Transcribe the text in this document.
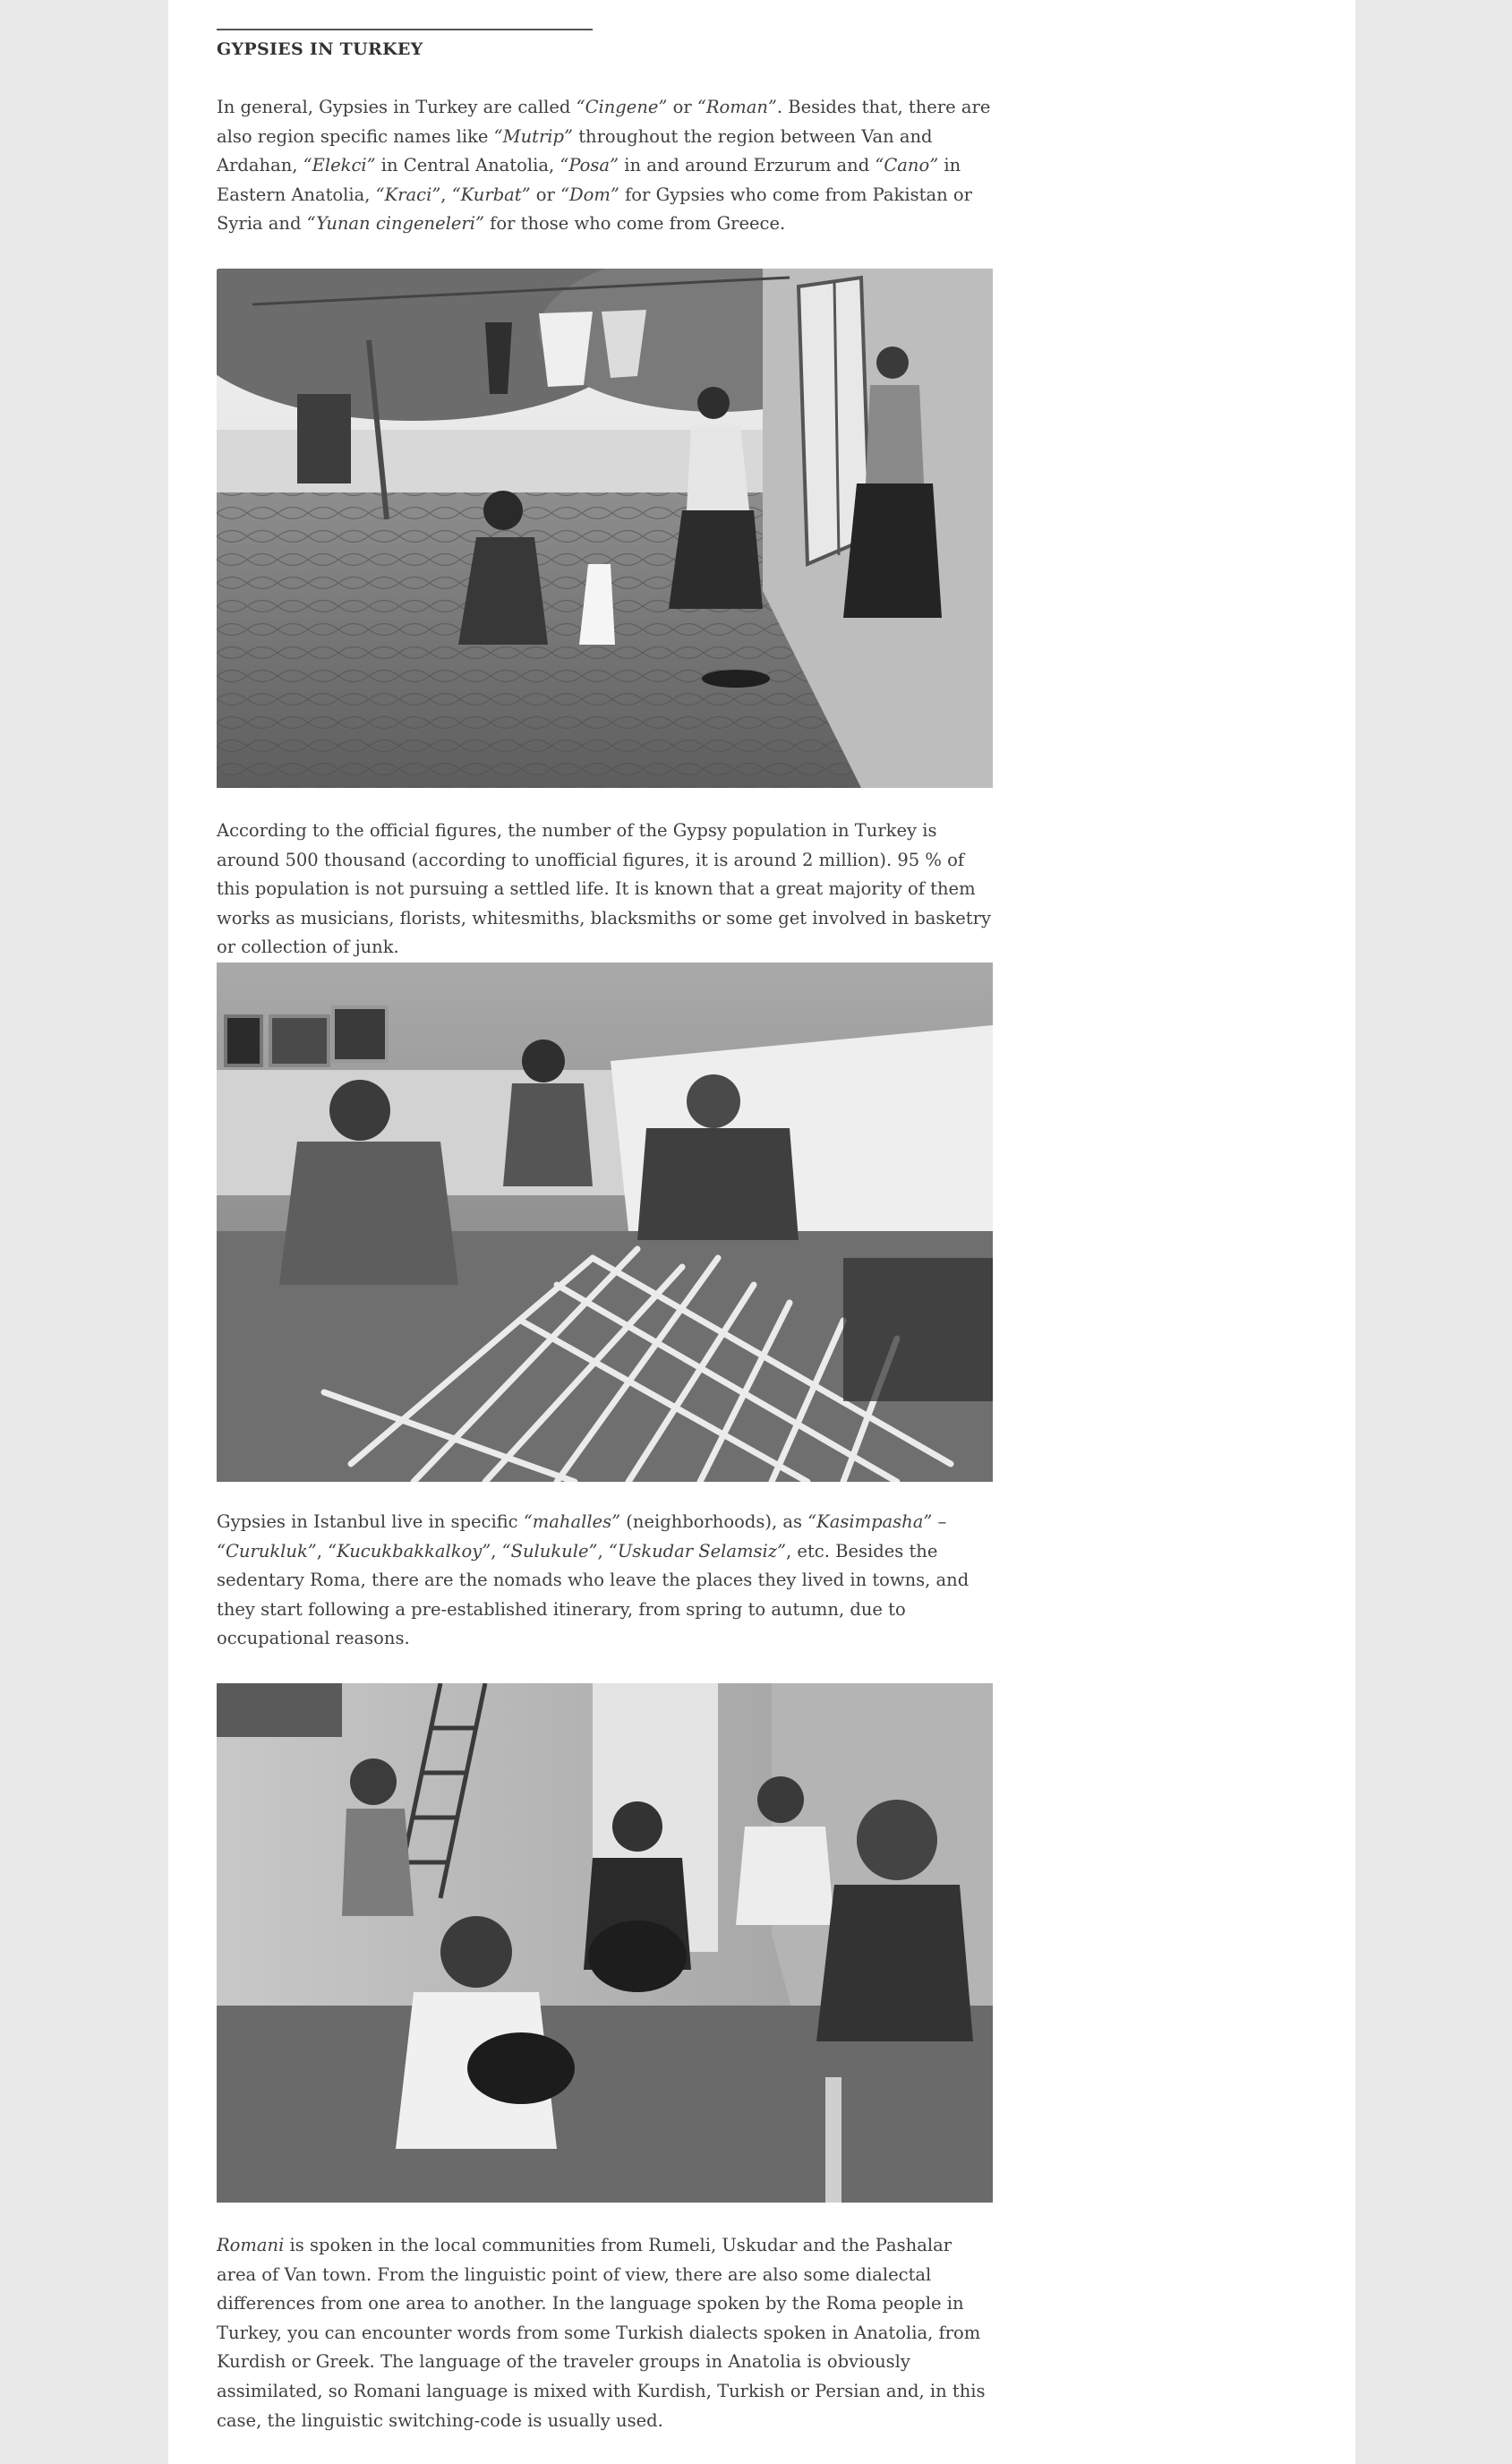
GYPSIES IN TURKEY

In general, Gypsies in Turkey are called “Cingene” or “Roman”. Besides that, there are also region specific names like “Mutrip” throughout the region between Van and Ardahan, “Elekci” in Central Anatolia, “Posa” in and around Erzurum and “Cano” in Eastern Anatolia, “Kraci”, “Kurbat” or “Dom” for Gypsies who come from Pakistan or Syria and “Yunan cingeneleri” for those who come from Greece.

According to the official figures, the number of the Gypsy population in Turkey is around 500 thousand (according to unofficial figures, it is around 2 million). 95 % of this population is not pursuing a settled life. It is known that a great majority of them works as musicians, florists, whitesmiths, blacksmiths or some get involved in basketry or collection of junk.

Gypsies in Istanbul live in specific “mahalles” (neighborhoods), as “Kasimpasha” – “Curukluk”, “Kucukbakkalkoy”, “Sulukule”, “Uskudar Selamsiz”, etc. Besides the sedentary Roma, there are the nomads who leave the places they lived in towns, and they start following a pre-established itinerary, from spring to autumn, due to occupational reasons.

Romani is spoken in the local communities from Rumeli, Uskudar and the Pashalar area of Van town. From the linguistic point of view, there are also some dialectal differences from one area to another. In the language spoken by the Roma people in Turkey, you can encounter words from some Turkish dialects spoken in Anatolia, from Kurdish or Greek. The language of the traveler groups in Anatolia is obviously assimilated, so Romani language is mixed with Kurdish, Turkish or Persian and, in this case, the linguistic switching-code is usually used.
